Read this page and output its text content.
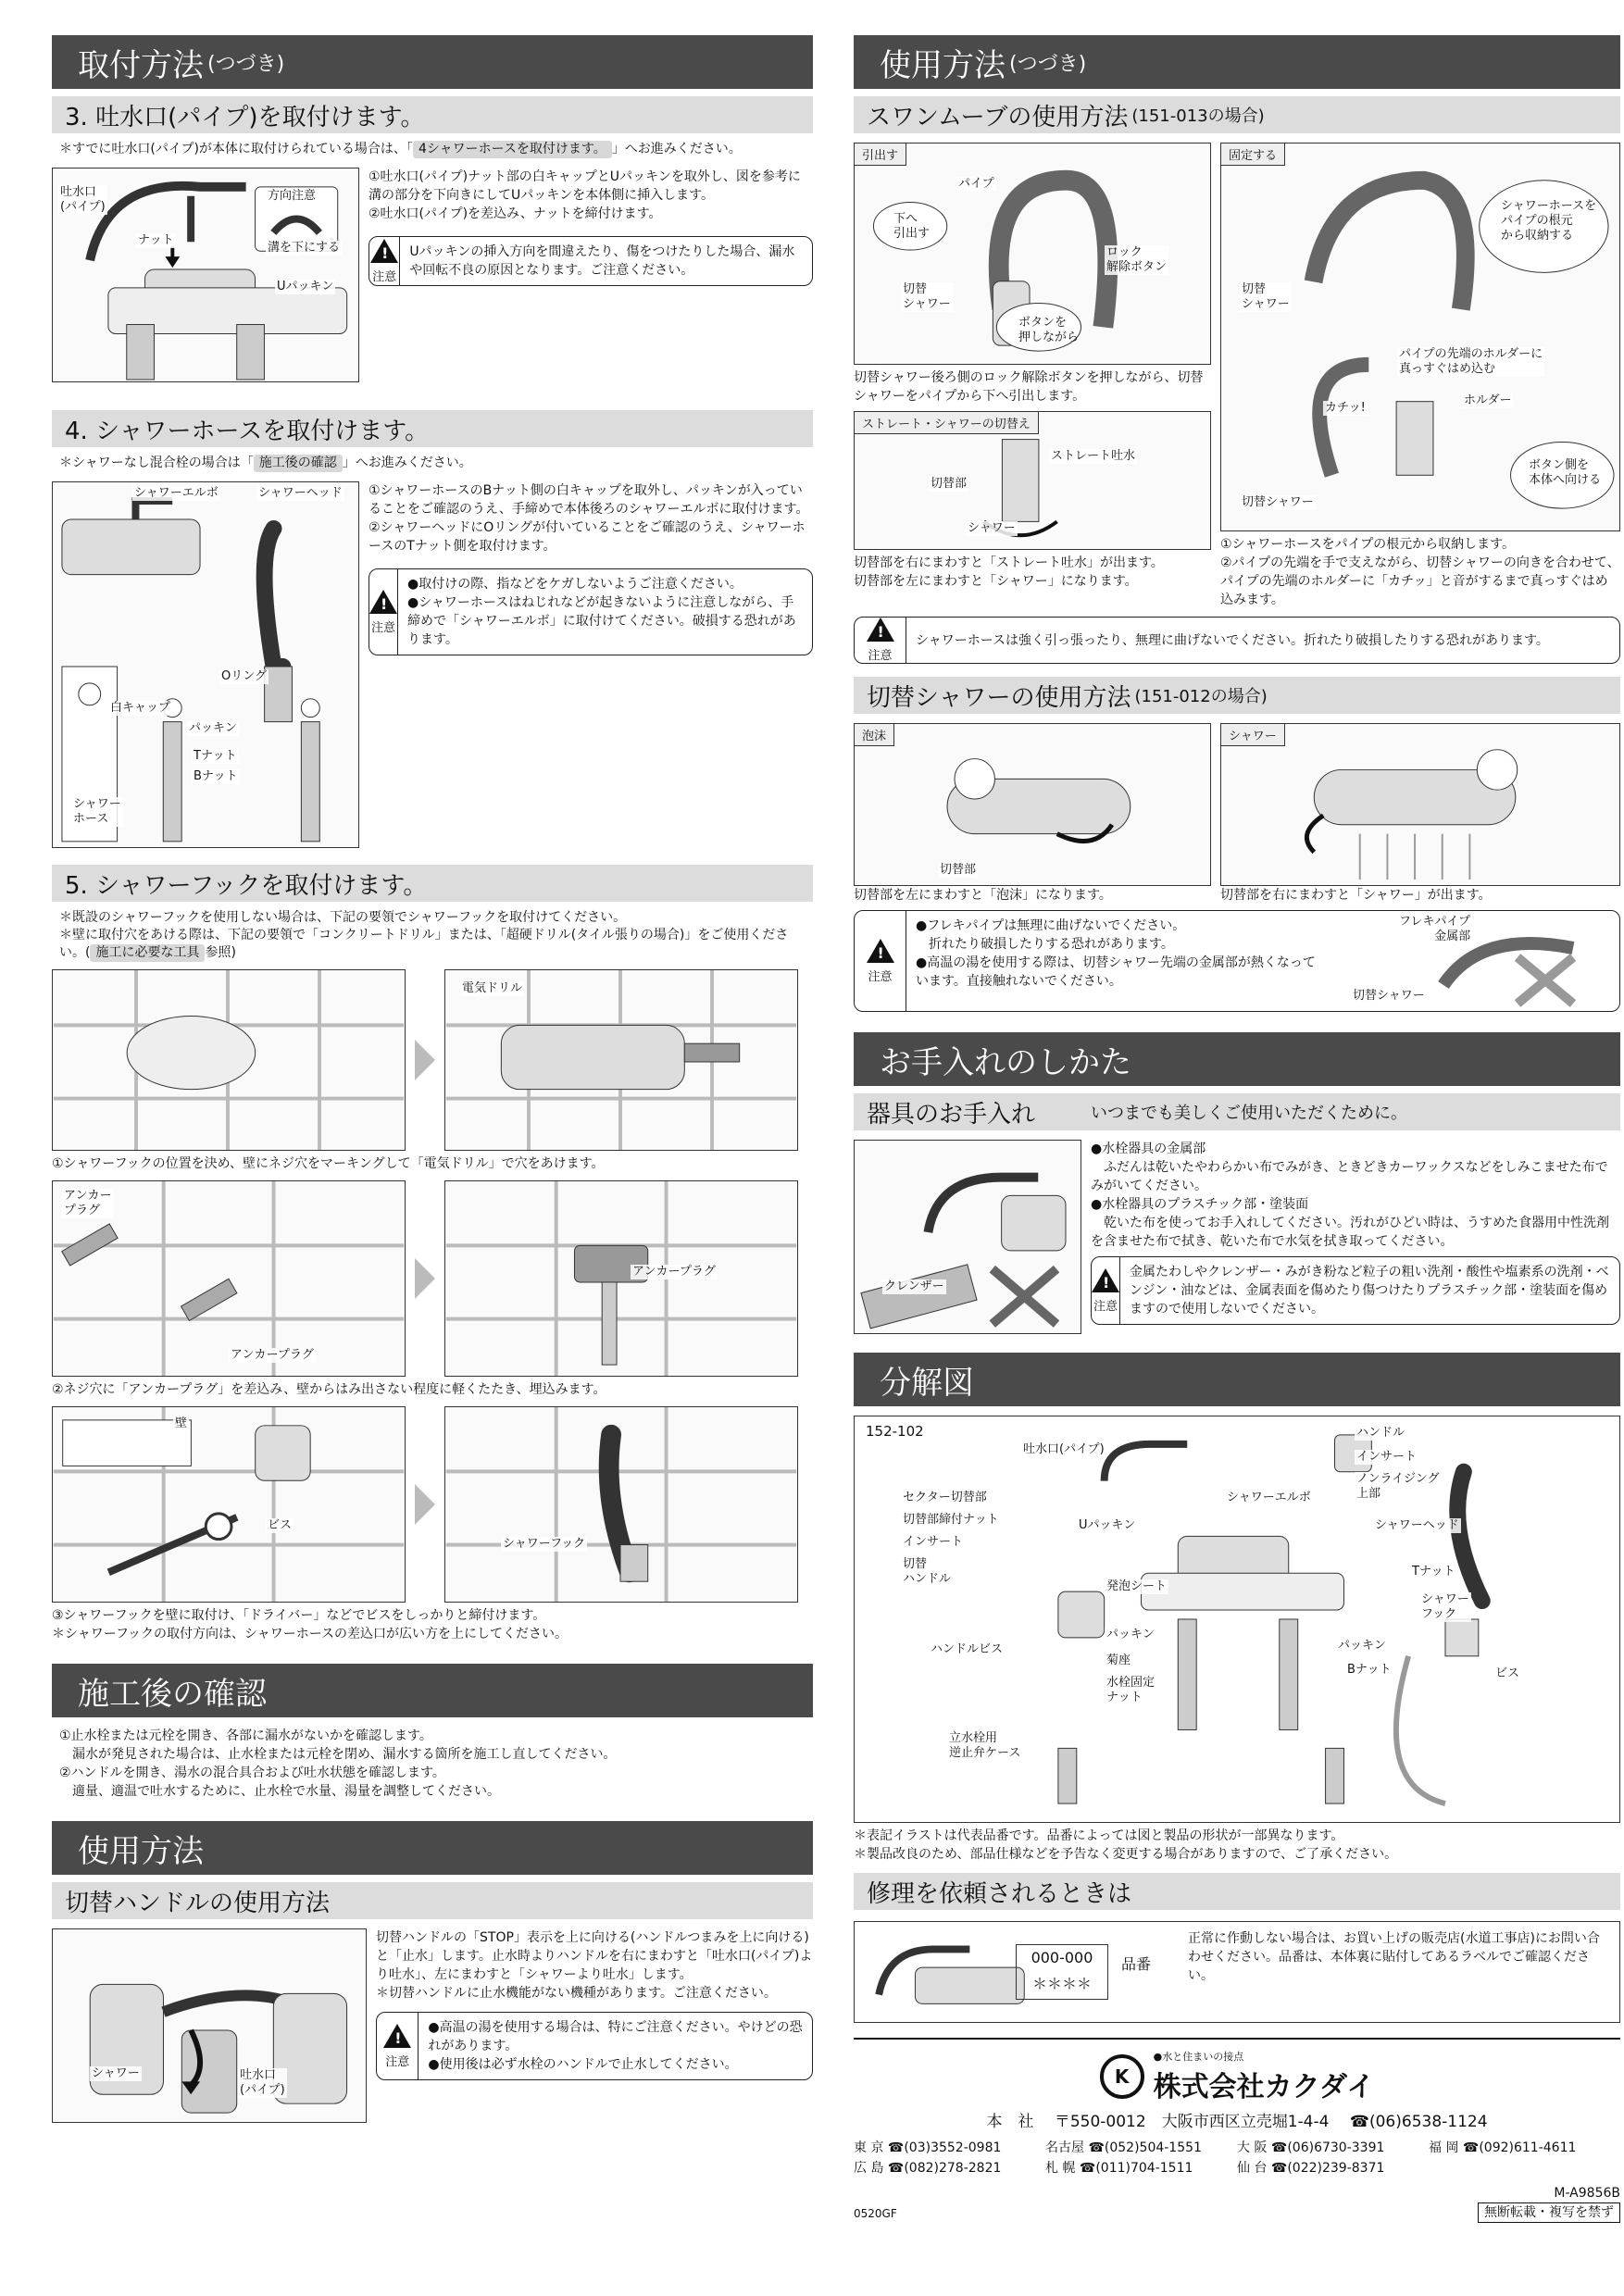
取付方法 (つづき)
3. 吐水口(パイプ)を取付けます。
＊すでに吐水口(パイプ)が本体に取付けられている場合は、「 4シャワーホースを取付けます。 」へお進みください。
吐水口
(パイプ)
ナット
方向注意
溝を下にする
Uパッキン
①吐水口(パイプ)ナット部の白キャップとUパッキンを取外し、図を参考に溝の部分を下向きにしてUパッキンを本体側に挿入します。
②吐水口(パイプ)を差込み、ナットを締付けます。
!
注意
Uパッキンの挿入方向を間違えたり、傷をつけたりした場合、漏水や回転不良の原因となります。ご注意ください。
4. シャワーホースを取付けます。
＊シャワーなし混合栓の場合は「 施工後の確認 」へお進みください。
シャワーエルボ	シャワーヘッド
Oリング
白キャップ
パッキン
Tナット
Bナット
シャワー
ホース
①シャワーホースのBナット側の白キャップを取外し、パッキンが入っていることをご確認のうえ、手締めで本体後ろのシャワーエルボに取付けます。
②シャワーヘッドにOリングが付いていることをご確認のうえ、シャワーホースのTナット側を取付けます。
!
注意
●取付けの際、指などをケガしないようご注意ください。
●シャワーホースはねじれなどが起きないように注意しながら、手締めで「シャワーエルボ」に取付けてください。破損する恐れがあります。
5. シャワーフックを取付けます。
＊既設のシャワーフックを使用しない場合は、下記の要領でシャワーフックを取付けてください。
＊壁に取付穴をあける際は、下記の要領で「コンクリートドリル」または、「超硬ドリル(タイル張りの場合)」をご使用ください。( 施工に必要な工具 参照)
電気ドリル
①シャワーフックの位置を決め、壁にネジ穴をマーキングして「電気ドリル」で穴をあけます。
アンカー
プラグ
アンカープラグ
アンカープラグ
②ネジ穴に「アンカープラグ」を差込み、壁からはみ出さない程度に軽くたたき、埋込みます。
壁
ビス
シャワーフック
③シャワーフックを壁に取付け、「ドライバー」などでビスをしっかりと締付けます。
＊シャワーフックの取付方向は、シャワーホースの差込口が広い方を上にしてください。
施工後の確認
①止水栓または元栓を開き、各部に漏水がないかを確認します。
　漏水が発見された場合は、止水栓または元栓を閉め、漏水する箇所を施工し直してください。
②ハンドルを開き、湯水の混合具合および吐水状態を確認します。
　適量、適温で吐水するために、止水栓で水量、湯量を調整してください。
使用方法
切替ハンドルの使用方法
シャワー	吐水口
(パイプ)
切替ハンドルの「STOP」表示を上に向ける(ハンドルつまみを上に向ける)と「止水」します。止水時よりハンドルを右にまわすと「吐水口(パイプ)より吐水」、左にまわすと「シャワーより吐水」します。
＊切替ハンドルに止水機能がない機種があります。ご注意ください。
!
注意
●高温の湯を使用する場合は、特にご注意ください。やけどの恐れがあります。
●使用後は必ず水栓のハンドルで止水してください。
使用方法 (つづき)
スワンムーブの使用方法 (151-013の場合)
引出す
パイプ
下へ
引出す
ロック
解除ボタン
切替
シャワー
ボタンを
押しながら
切替シャワー後ろ側のロック解除ボタンを押しながら、切替シャワーをパイプから下へ引出します。
ストレート・シャワーの切替え
ストレート吐水
切替部
シャワー
切替部を右にまわすと「ストレート吐水」が出ます。
切替部を左にまわすと「シャワー」になります。
固定する
シャワーホースを
パイプの根元
から収納する
切替
シャワー
パイプの先端のホルダーに
真っすぐはめ込む
カチッ!
ホルダー
ボタン側を
本体へ向ける
切替シャワー
①シャワーホースをパイプの根元から収納します。
②パイプの先端を手で支えながら、切替シャワーの向きを合わせて、パイプの先端のホルダーに「カチッ」と音がするまで真っすぐはめ込みます。
!
注意
シャワーホースは強く引っ張ったり、無理に曲げないでください。折れたり破損したりする恐れがあります。
切替シャワーの使用方法 (151-012の場合)
泡沫
切替部
シャワー
切替部を左にまわすと「泡沫」になります。	切替部を右にまわすと「シャワー」が出ます。
!
注意
●フレキパイプは無理に曲げないでください。
　折れたり破損したりする恐れがあります。
●高温の湯を使用する際は、切替シャワー先端の金属部が熱くなっています。直接触れないでください。
フレキパイプ
金属部
切替シャワー
お手入れのしかた
器具のお手入れ	いつまでも美しくご使用いただくために。
クレンザー
●水栓器具の金属部
　ふだんは乾いたやわらかい布でみがき、ときどきカーワックスなどをしみこませた布でみがいてください。
●水栓器具のプラスチック部・塗装面
　乾いた布を使ってお手入れしてください。汚れがひどい時は、うすめた食器用中性洗剤を含ませた布で拭き、乾いた布で水気を拭き取ってください。
!
注意
金属たわしやクレンザー・みがき粉など粒子の粗い洗剤・酸性や塩素系の洗剤・ベンジン・油などは、金属表面を傷めたり傷つけたりプラスチック部・塗装面を傷めますので使用しないでください。
分解図
152-102
吐水口(パイプ)
ハンドル
インサート
ノンライジング
上部
シャワーヘッド
セクター切替部
切替部締付ナット
インサート
切替
ハンドル
Uパッキン
シャワーエルボ
Tナット
シャワー
フック
発泡シート
ハンドルビス
パッキン
菊座
水栓固定
ナット
パッキン
Bナット	ビス
立水栓用
逆止弁ケース
＊表記イラストは代表品番です。品番によっては図と製品の形状が一部異なります。
＊製品改良のため、部品仕様などを予告なく変更する場合がありますので、ご了承ください。
修理を依頼されるときは
000-000
＊＊＊＊
品番
正常に作動しない場合は、お買い上げの販売店(水道工事店)にお問い合わせください。品番は、本体裏に貼付してあるラベルでご確認ください。
K
●水と住まいの接点
株式会社カクダイ
本　社　 〒550-0012　大阪市西区立売堀1-4-4　 ☎(06)6538-1124
東 京 ☎(03)3552-0981	名古屋 ☎(052)504-1551	大 阪 ☎(06)6730-3391	福 岡 ☎(092)611-4611
広 島 ☎(082)278-2821	札 幌 ☎(011)704-1511	仙 台 ☎(022)239-8371
0520GF
M-A9856B
無断転載・複写を禁ず
